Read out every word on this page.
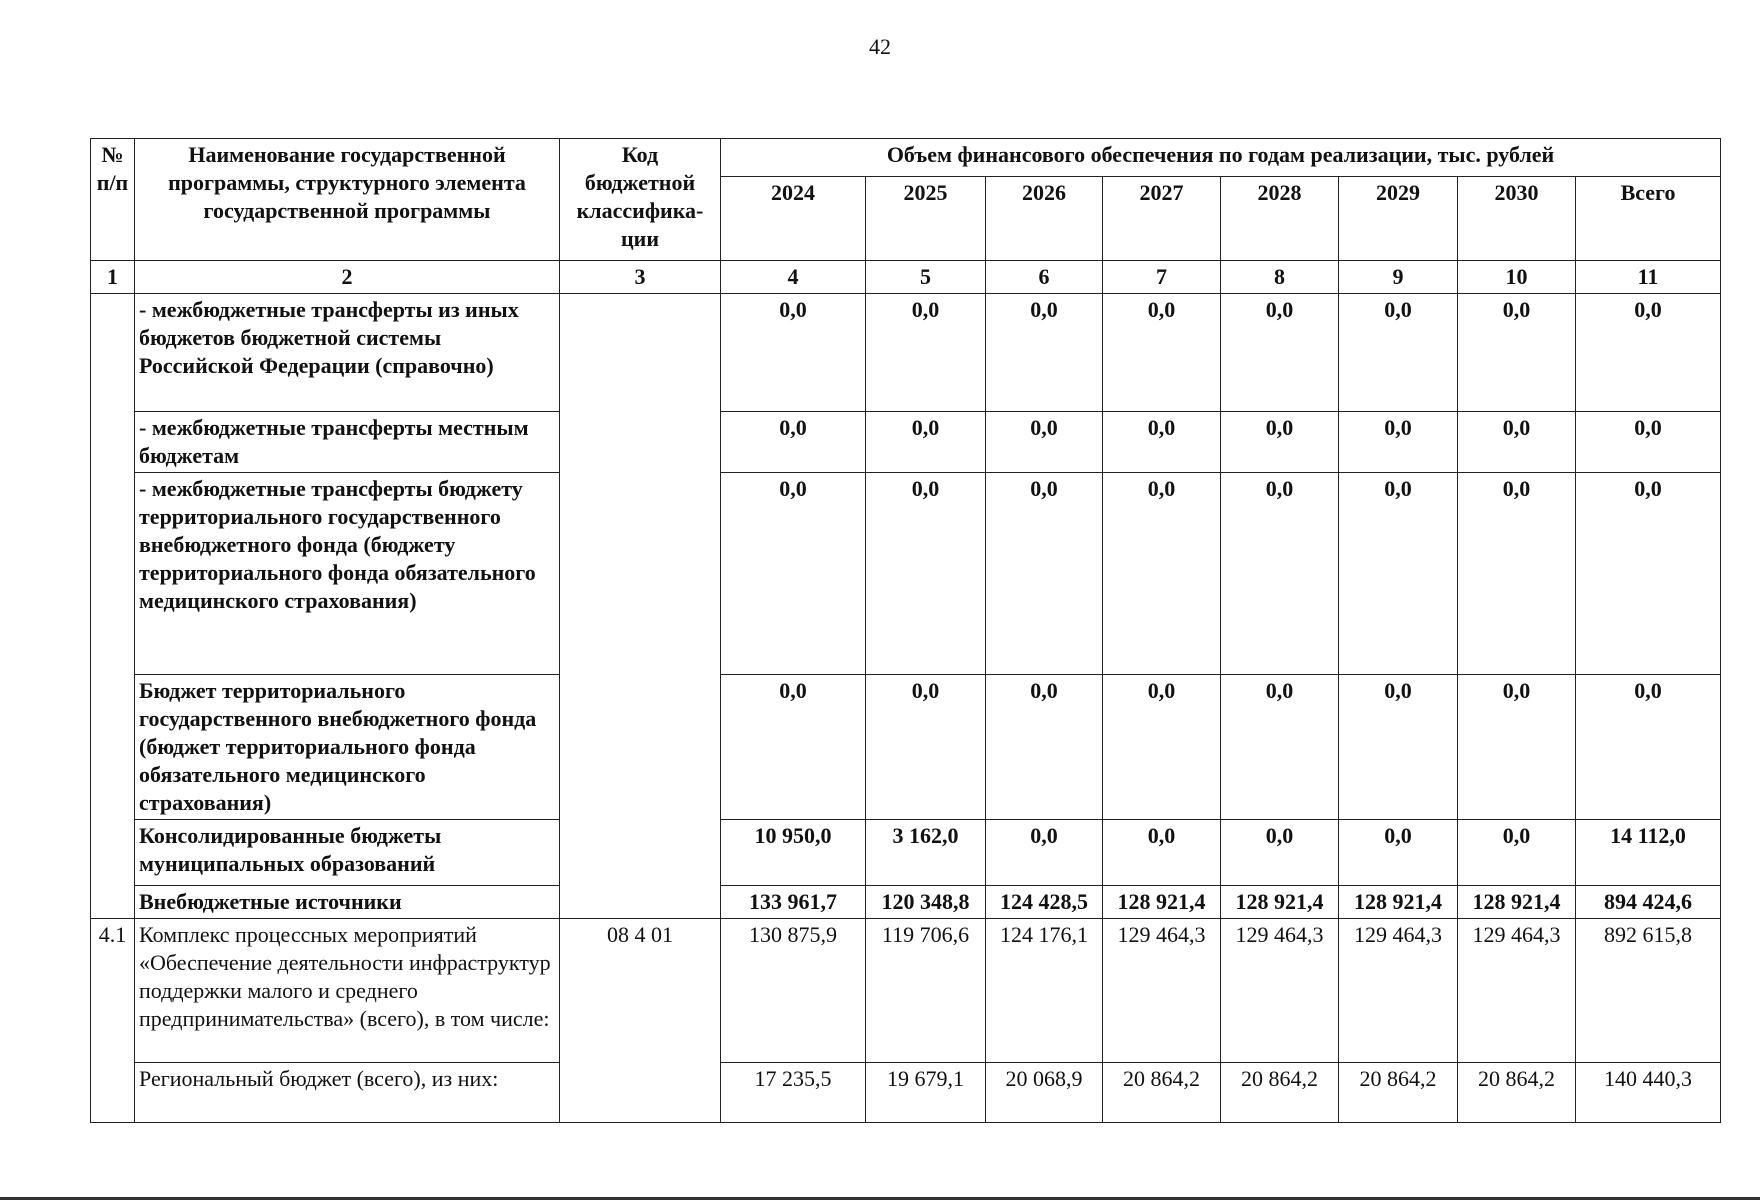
42
№ п/п	Наименование государственной программы, структурного элемента государственной программы	Код бюджетной классифика-ции	Объем финансового обеспечения по годам реализации, тыс. рублей							
			2024	2025	2026	2027	2028	2029	2030	Всего
1	2	3	4	5	6	7	8	9	10	11
	- межбюджетные трансферты из иных бюджетов бюджетной системы Российской Федерации (справочно)		0,0	0,0	0,0	0,0	0,0	0,0	0,0	0,0
	- межбюджетные трансферты местным бюджетам		0,0	0,0	0,0	0,0	0,0	0,0	0,0	0,0
	- межбюджетные трансферты бюджету территориального государственного внебюджетного фонда (бюджету территориального фонда обязательного медицинского страхования)		0,0	0,0	0,0	0,0	0,0	0,0	0,0	0,0
	Бюджет территориального государственного внебюджетного фонда (бюджет территориального фонда обязательного медицинского страхования)		0,0	0,0	0,0	0,0	0,0	0,0	0,0	0,0
	Консолидированные бюджеты муниципальных образований		10 950,0	3 162,0	0,0	0,0	0,0	0,0	0,0	14 112,0
	Внебюджетные источники		133 961,7	120 348,8	124 428,5	128 921,4	128 921,4	128 921,4	128 921,4	894 424,6
4.1	Комплекс процессных мероприятий «Обеспечение деятельности инфраструктур поддержки малого и среднего предпринимательства» (всего), в том числе:	08 4 01	130 875,9	119 706,6	124 176,1	129 464,3	129 464,3	129 464,3	129 464,3	892 615,8
	Региональный бюджет (всего), из них:		17 235,5	19 679,1	20 068,9	20 864,2	20 864,2	20 864,2	20 864,2	140 440,3
